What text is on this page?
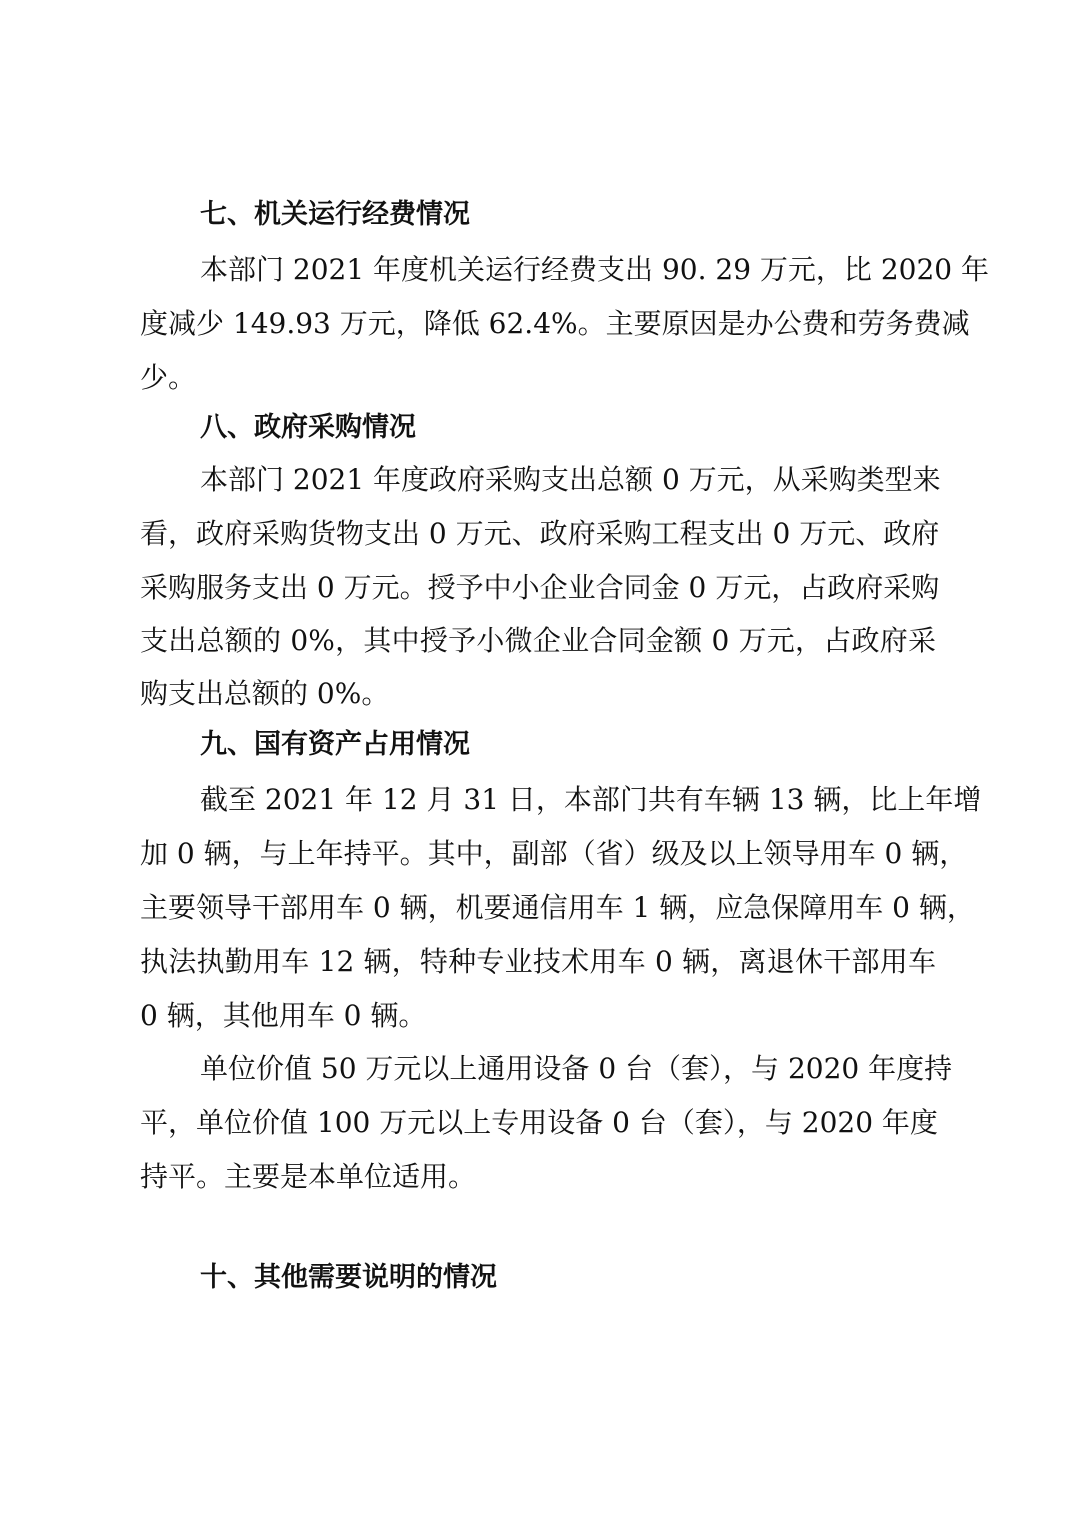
七、机关运行经费情况
本部门 2021 年度机关运行经费支出 90. 29 万元，比 2020 年
度减少 149.93 万元，降低 62.4%。主要原因是办公费和劳务费减
少。
八、政府采购情况
本部门 2021 年度政府采购支出总额 0 万元，从采购类型来
看，政府采购货物支出 0 万元、政府采购工程支出 0 万元、政府
采购服务支出 0 万元。授予中小企业合同金 0 万元，占政府采购
支出总额的 0%，其中授予小微企业合同金额 0 万元，占政府采
购支出总额的 0%。
九、国有资产占用情况
截至 2021 年 12 月 31 日，本部门共有车辆 13 辆，比上年增
加 0 辆，与上年持平。其中，副部（省）级及以上领导用车 0 辆，
主要领导干部用车 0 辆，机要通信用车 1 辆，应急保障用车 0 辆，
执法执勤用车 12 辆，特种专业技术用车 0 辆，离退休干部用车
0 辆，其他用车 0 辆。
单位价值 50 万元以上通用设备 0 台（套），与 2020 年度持
平，单位价值 100 万元以上专用设备 0 台（套），与 2020 年度
持平。主要是本单位适用。
十、其他需要说明的情况
